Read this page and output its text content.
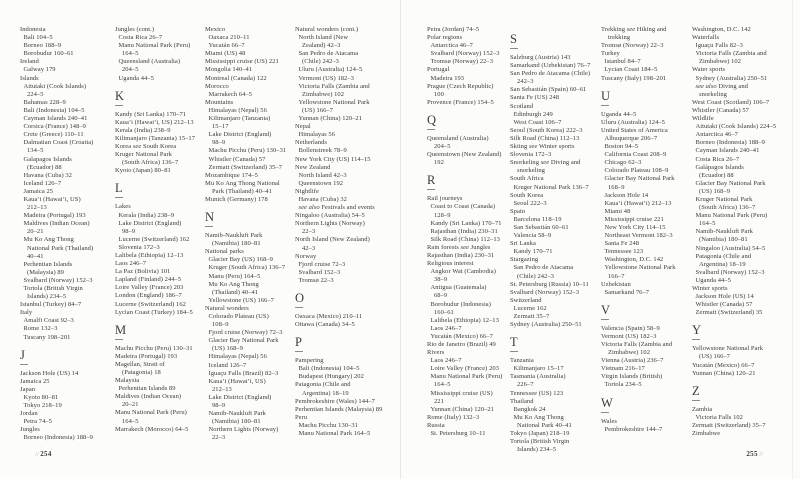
Indonesia
Bali 104–5
Borneo 188–9
Borobudur 160–61
Ireland
Galway 179
Islands
Aitutaki (Cook Islands)
224–5
Bahamas 228–9
Bali (Indonesia) 104–5
Cayman Islands 240–41
Corsica (France) 148–9
Crete (Greece) 110–11
Dalmatian Coast (Croatia)
134–5
Galapagos Islands
(Ecuador) 88
Havana (Cuba) 32
Iceland 126–7
Jamaica 25
Kaua’i (Hawai’i, US)
212–13
Madeira (Portugal) 193
Maldives (Indian Ocean)
20–21
Mu Ko Ang Thong
National Park (Thailand)
40–41
Perhentian Islands
(Malaysia) 89
Svalbard (Norway) 152–3
Tortola (British Virgin
Islands) 234–5
Istanbul (Turkey) 84–7
Italy
Amalfi Coast 92–3
Rome 132–3
Tuscany 198–201
J
Jackson Hole (US) 14
Jamaica 25
Japan
Kyoto 80–81
Tokyo 218–19
Jordan
Petra 74–5
Jungles
Borneo (Indonesia) 188–9
Jungles (cont.)
Costa Rica 26–7
Manu National Park (Peru)
164–5
Queensland (Australia)
204–5
Uganda 44–5
K
Kandy (Sri Lanka) 170–71
Kaua’i (Hawai’i, US) 212–13
Kerala (India) 238–9
Kilimanjaro (Tanzania) 15–17
Korea see South Korea
Kruger National Park
(South Africa) 136–7
Kyoto (Japan) 80–81
L
Lakes
Kerala (India) 238–9
Lake District (England)
98–9
Lucerne (Switzerland) 162
Slovenia 172–3
Lalibela (Ethiopia) 12–13
Laos 246–7
La Paz (Bolivia) 101
Lapland (Finland) 244–5
Loire Valley (France) 203
London (England) 186–7
Lucerne (Switzerland) 162
Lycian Coast (Turkey) 184–5
M
Machu Picchu (Peru) 130–31
Madeira (Portugal) 193
Magellan, Strait of
(Patagonia) 18
Malaysia
Perhentian Islands 89
Maldives (Indian Ocean)
20–21
Manu National Park (Peru)
164–5
Marrakech (Morocco) 64–5
Mexico
Oaxaca 210–11
Yucatán 66–7
Miami (US) 48
Mississippi cruise (US) 221
Mongolia 140–41
Montreal (Canada) 122
Morocco
Marrakech 64–5
Mountains
Himalayas (Nepal) 56
Kilimanjaro (Tanzania)
15–17
Lake District (England)
98–9
Machu Picchu (Peru) 130–31
Whistler (Canada) 57
Zermatt (Switzerland) 35–7
Mozambique 174–5
Mu Ko Ang Thong National
Park (Thailand) 40–41
Munich (Germany) 178
N
Namib-Naukluft Park
(Namibia) 180–81
National parks
Glacier Bay (US) 168–9
Kruger (South Africa) 136–7
Manu (Peru) 164–5
Mu Ko Ang Thong
(Thailand) 40–41
Yellowstone (US) 166–7
Natural wonders
Colorado Plateau (US)
108–9
Fjord cruise (Norway) 72–3
Glacier Bay National Park
(US) 168–9
Himalayas (Nepal) 56
Iceland 126–7
Iguaçu Falls (Brazil) 82–3
Kaua’i (Hawai’i, US)
212–13
Lake District (England)
98–9
Namib-Naukluft Park
(Namibia) 180–81
Northern Lights (Norway)
22–3
Natural wonders (cont.)
North Island (New
Zealand) 42–3
San Pedro de Atacama
(Chile) 242–3
Uluru (Australia) 124–5
Vermont (US) 182–3
Victoria Falls (Zambia and
Zimbabwe) 102
Yellowstone National Park
(US) 166–7
Yunnan (China) 120–21
Nepal
Himalayas 56
Netherlands
Bollenstreek 78–9
New York City (US) 114–15
New Zealand
North Island 42–3
Queenstown 192
Nightlife
Havana (Cuba) 32
see also Festivals and events
Ningaloo (Australia) 54–5
Northern Lights (Norway)
22–3
North Island (New Zealand)
42–3
Norway
Fjord cruise 72–3
Svalbard 152–3
Tromsø 22–3
O
Oaxaca (Mexico) 210–11
Ottawa (Canada) 34–5
P
Pampering
Bali (Indonesia) 104–5
Budapest (Hungary) 202
Patagonia (Chile and
Argentina) 18–19
Pembrokeshire (Wales) 144–7
Perhentian Islands (Malaysia) 89
Peru
Machu Picchu 130–31
Manu National Park 164–5
Petra (Jordan) 74–5
Polar regions
Antarctica 46–7
Svalbard (Norway) 152–3
Tromsø (Norway) 22–3
Portugal
Madeira 193
Prague (Czech Republic)
100
Provence (France) 154–5
Q
Queensland (Australia)
204–5
Queenstown (New Zealand)
192
R
Rail journeys
Coast to Coast (Canada)
128–9
Kandy (Sri Lanka) 170–71
Rajasthan (India) 230–31
Silk Road (China) 112–13
Rain forests see Jungles
Rajasthan (India) 230–31
Religious interest
Angkor Wat (Cambodia)
38–9
Antigua (Guatemala)
68–9
Borobudur (Indonesia)
160–61
Lalibela (Ethiopia) 12–13
Laos 246–7
Yucatán (Mexico) 66–7
Rio de Janeiro (Brazil) 49
Rivers
Laos 246–7
Loire Valley (France) 203
Manu National Park (Peru)
164–5
Mississippi cruise (US)
221
Yunnan (China) 120–21
Rome (Italy) 132–3
Russia
St. Petersburg 10–11
S
Salzburg (Austria) 143
Samarkand (Uzbekistan) 76–7
San Pedro de Atacama (Chile)
242–3
San Sebastián (Spain) 60–61
Santa Fe (US) 248
Scotland
Edinburgh 249
West Coast 106–7
Seoul (South Korea) 222–3
Silk Road (China) 112–13
Skiing see Winter sports
Slovenia 172–3
Snorkeling see Diving and
snorkeling
South Africa
Kruger National Park 136–7
South Korea
Seoul 222–3
Spain
Barcelona 118–19
San Sebastián 60–61
Valencia 58–9
Sri Lanka
Kandy 170–71
Stargazing
San Pedro de Atacama
(Chile) 242–3
St. Petersburg (Russia) 10–11
Svalbard (Norway) 152–3
Switzerland
Lucerne 162
Zermatt 35–7
Sydney (Australia) 250–51
T
Tanzania
Kilimanjaro 15–17
Tasmania (Australia)
226–7
Tennessee (US) 123
Thailand
Bangkok 24
Mu Ko Ang Thong
National Park 40–41
Tokyo (Japan) 218–19
Tortola (British Virgin
Islands) 234–5
Trekking see Hiking and
trekking
Tromsø (Norway) 22–3
Turkey
Istanbul 84–7
Lycian Coast 184–5
Tuscany (Italy) 198–201
U
Uganda 44–5
Uluru (Australia) 124–5
United States of America
Albuquerque 206–7
Boston 94–5
California Coast 208–9
Chicago 62–3
Colorado Plateau 108–9
Glacier Bay National Park
168–9
Jackson Hole 14
Kaua’i (Hawai’i) 212–13
Miami 48
Mississippi cruise 221
New York City 114–15
Northeast Vermont 182–3
Santa Fe 248
Tennessee 123
Washington, D.C. 142
Yellowstone National Park
166–7
Uzbekistan
Samarkand 76–7
V
Valencia (Spain) 58–9
Vermont (US) 182–3
Victoria Falls (Zambia and
Zimbabwe) 102
Vienna (Austria) 236–7
Vietnam 216–17
Virgin Islands (British)
Tortola 234–5
W
Wales
Pembrokeshire 144–7
Washington, D.C. 142
Waterfalls
Iguaçu Falls 82–3
Victoria Falls (Zambia and
Zimbabwe) 102
Water sports
Sydney (Australia) 250–51
see also Diving and
snorkeling
West Coast (Scotland) 106–7
Whistler (Canada) 57
Wildlife
Aitutaki (Cook Islands) 224–5
Antarctica 46–7
Borneo (Indonesia) 188–9
Cayman Islands 240–41
Costa Rica 26–7
Galápagos Islands
(Ecuador) 88
Glacier Bay National Park
(US) 168–9
Kruger National Park
(South Africa) 136–7
Manu National Park (Peru)
164–5
Namib-Naukluft Park
(Namibia) 180–81
Ningaloo (Australia) 54–5
Patagonia (Chile and
Argentina) 18–19
Svalbard (Norway) 152–3
Uganda 44–5
Winter sports
Jackson Hole (US) 14
Whistler (Canada) 57
Zermatt (Switzerland) 35
Y
Yellowstone National Park
(US) 166–7
Yucatán (Mexico) 66–7
Yunnan (China) 120–21
Z
Zambia
Victoria Falls 102
Zermatt (Switzerland) 35–7
Zimbabwe
// 254	255 //
